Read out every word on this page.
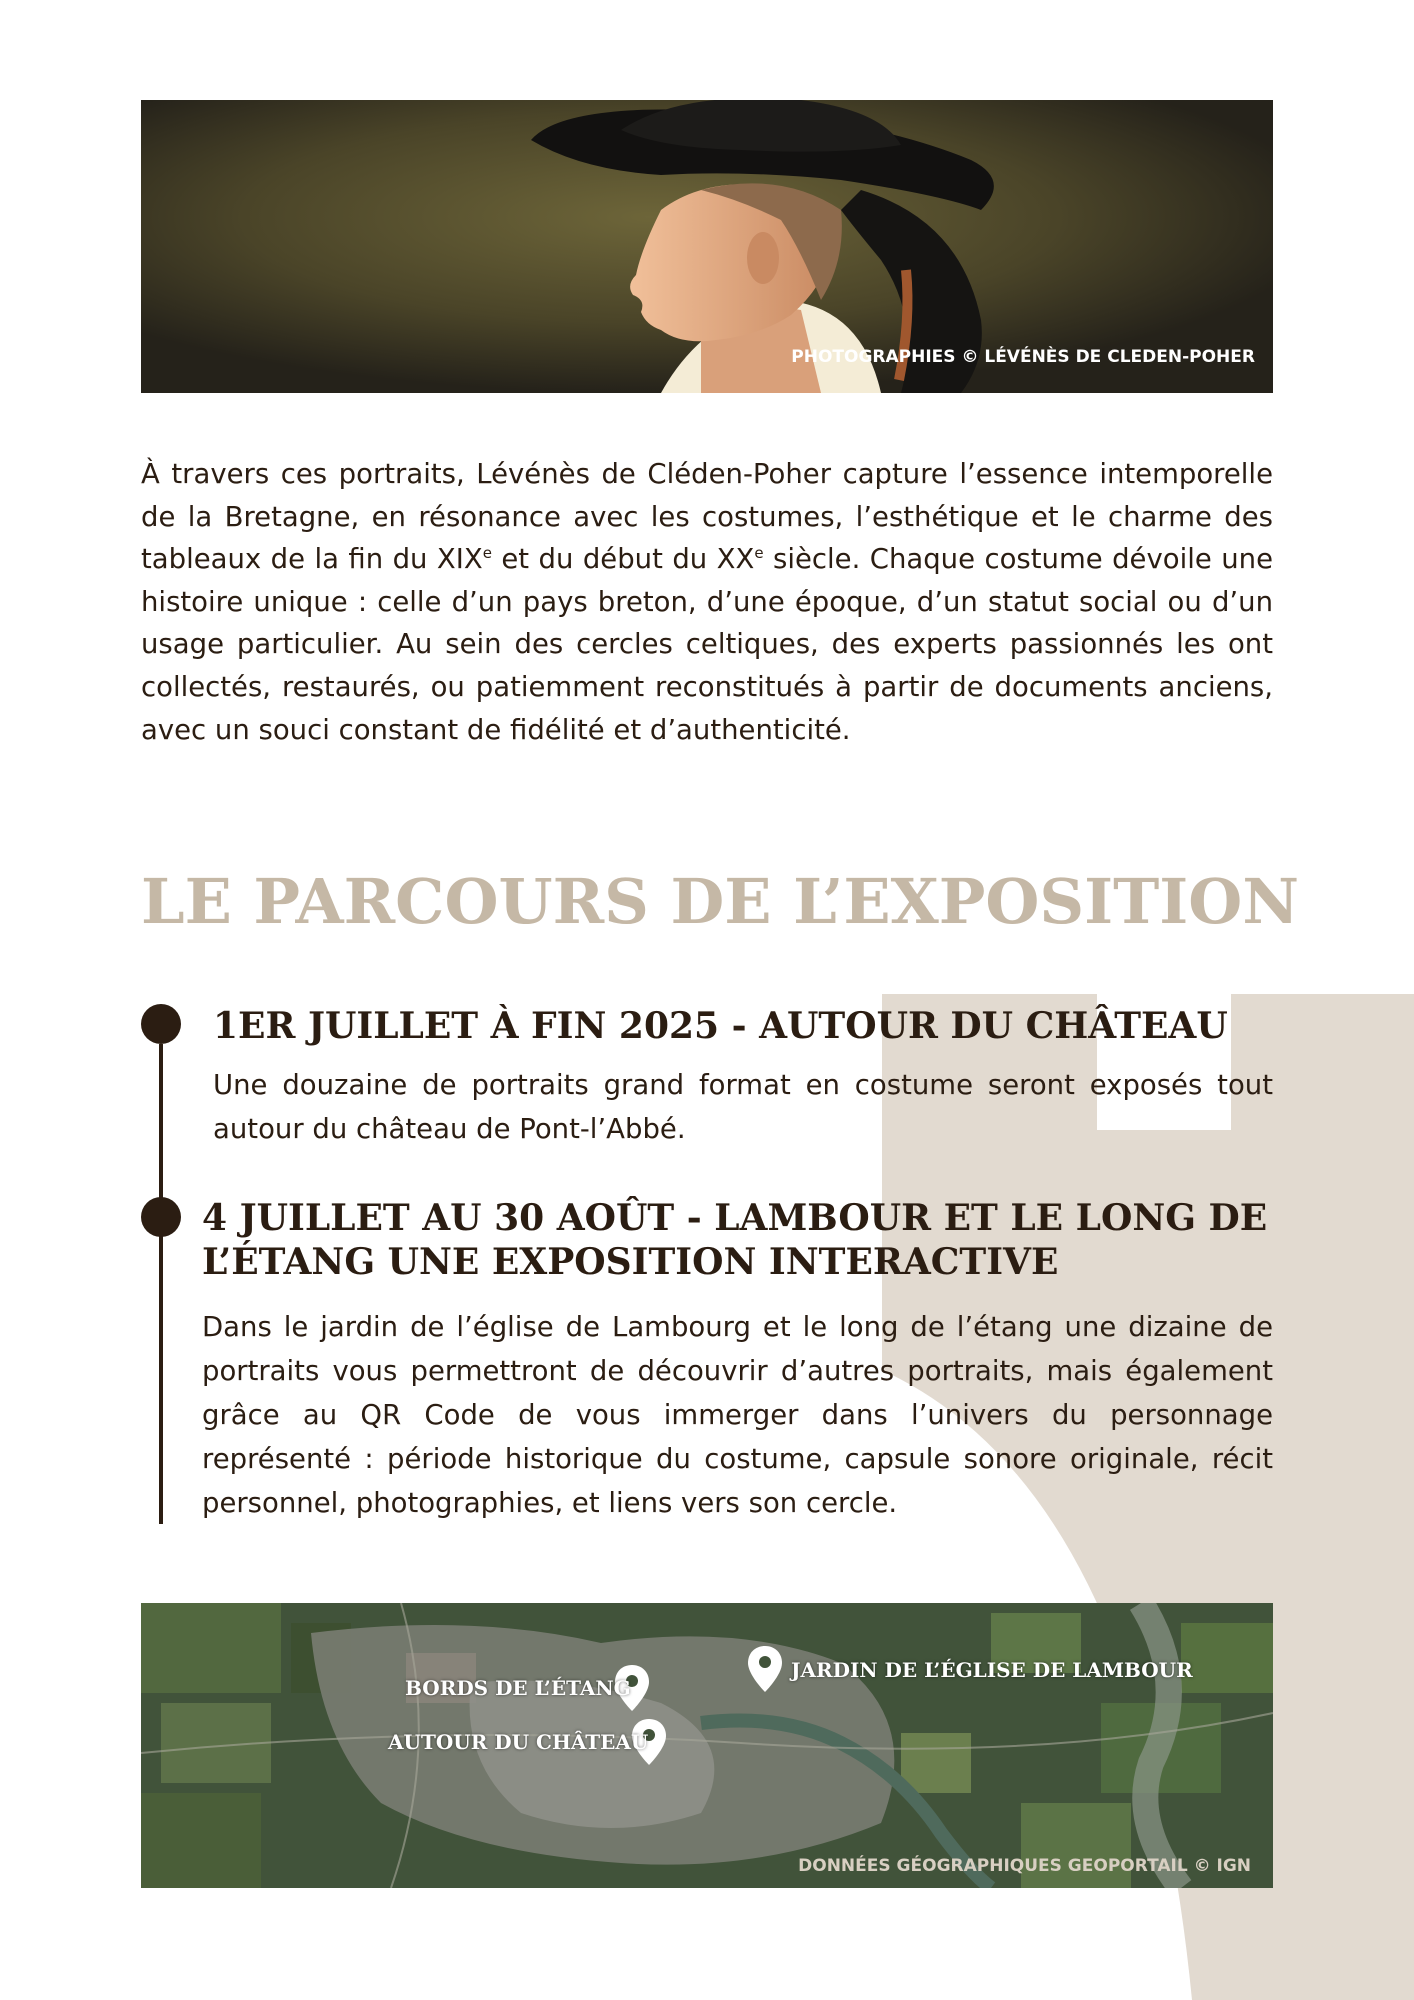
PHOTOGRAPHIES © LÉVÉNÈS DE CLEDEN-POHER

À travers ces portraits, Lévénès de Cléden-Poher capture l’essence intemporelle de la Bretagne, en résonance avec les costumes, l’esthétique et le charme des tableaux de la fin du XIXe et du début du XXe siècle. Chaque costume dévoile une histoire unique : celle d’un pays breton, d’une époque, d’un statut social ou d’un usage particulier. Au sein des cercles celtiques, des experts passionnés les ont collectés, restaurés, ou patiemment reconstitués à partir de documents anciens, avec un souci constant de fidélité et d’authenticité.

LE PARCOURS DE L’EXPOSITION
1ER JUILLET À FIN 2025 - AUTOUR DU CHÂTEAU

Une douzaine de portraits grand format en costume seront exposés tout autour du château de Pont-l’Abbé.

4 JUILLET AU 30 AOÛT - LAMBOUR ET LE LONG DE L’ÉTANG UNE EXPOSITION INTERACTIVE

Dans le jardin de l’église de Lambourg et le long de l’étang une dizaine de portraits vous permettront de découvrir d’autres portraits, mais également grâce au QR Code de vous immerger dans l’univers du personnage représenté : période historique du costume, capsule sonore originale, récit personnel, photographies, et liens vers son cercle.

BORDS DE L’ÉTANG
AUTOUR DU CHÂTEAU
JARDIN DE L’ÉGLISE DE LAMBOUR
DONNÉES GÉOGRAPHIQUES GEOPORTAIL © IGN
